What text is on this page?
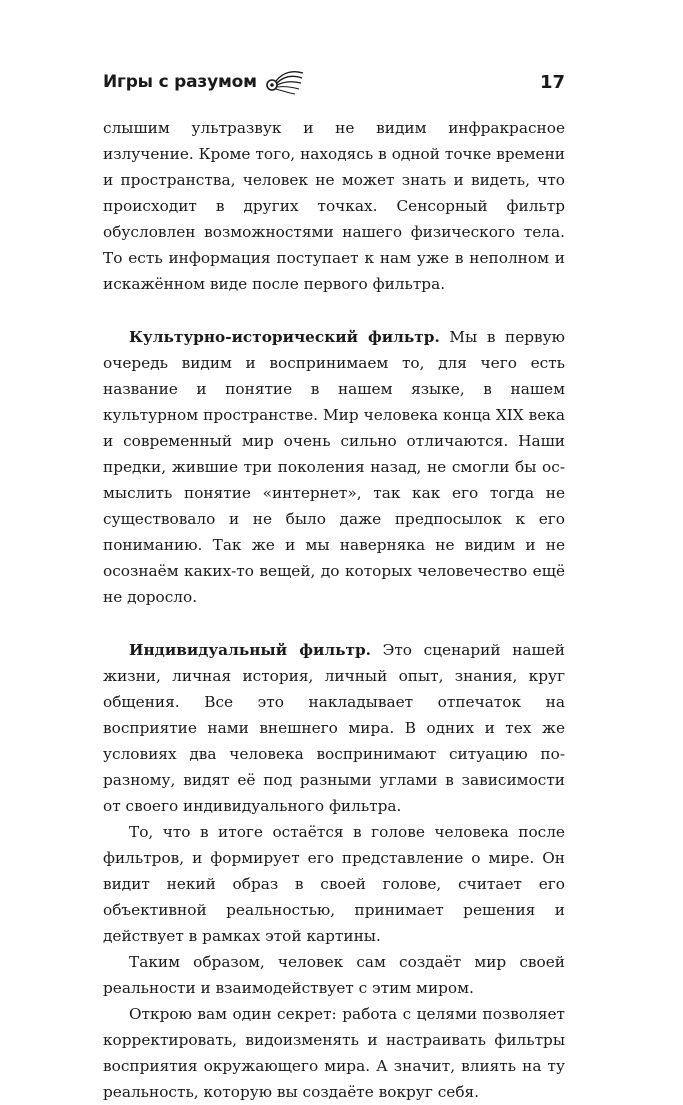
Игры с разумом	17

слышим ультразвук и не видим инфракрасное излучение. Кроме того, находясь в одной точке времени и пространства, человек не может знать и видеть, что происходит в других точках. Сенсорный фильтр обусловлен возможностями нашего физического тела. То есть информация поступает к нам уже в неполном и искажённом виде после первого фильтра.

Культурно-исторический фильтр. Мы в первую очередь видим и воспринимаем то, для чего есть название и понятие в нашем языке, в нашем культурном пространстве. Мир человека конца XIX века и современный мир очень сильно отличаются. Наши предки, жившие три поколения назад, не смогли бы осмыслить понятие «интернет», так как его тогда не существовало и не было даже предпосылок к его пониманию. Так же и мы наверняка не видим и не осознаём каких-то вещей, до которых человечество ещё не доросло.

Индивидуальный фильтр. Это сценарий нашей жизни, личная история, личный опыт, знания, круг общения. Все это накладывает отпечаток на восприятие нами внешнего мира. В одних и тех же условиях два человека воспринимают ситуацию поразному, видят её под разными углами в зависимости от своего индивидуального фильтра.

То, что в итоге остаётся в голове человека после фильтров, и формирует его представление о мире. Он видит некий образ в своей голове, считает его объективной реальностью, принимает решения и действует в рамках этой картины.

Таким образом, человек сам создаёт мир своей реальности и взаимодействует с этим миром.

Открою вам один секрет: работа с целями позволяет корректировать, видоизменять и настраивать фильтры восприятия окружающего мира. А значит, влиять на ту реальность, которую вы создаёте вокруг себя.
